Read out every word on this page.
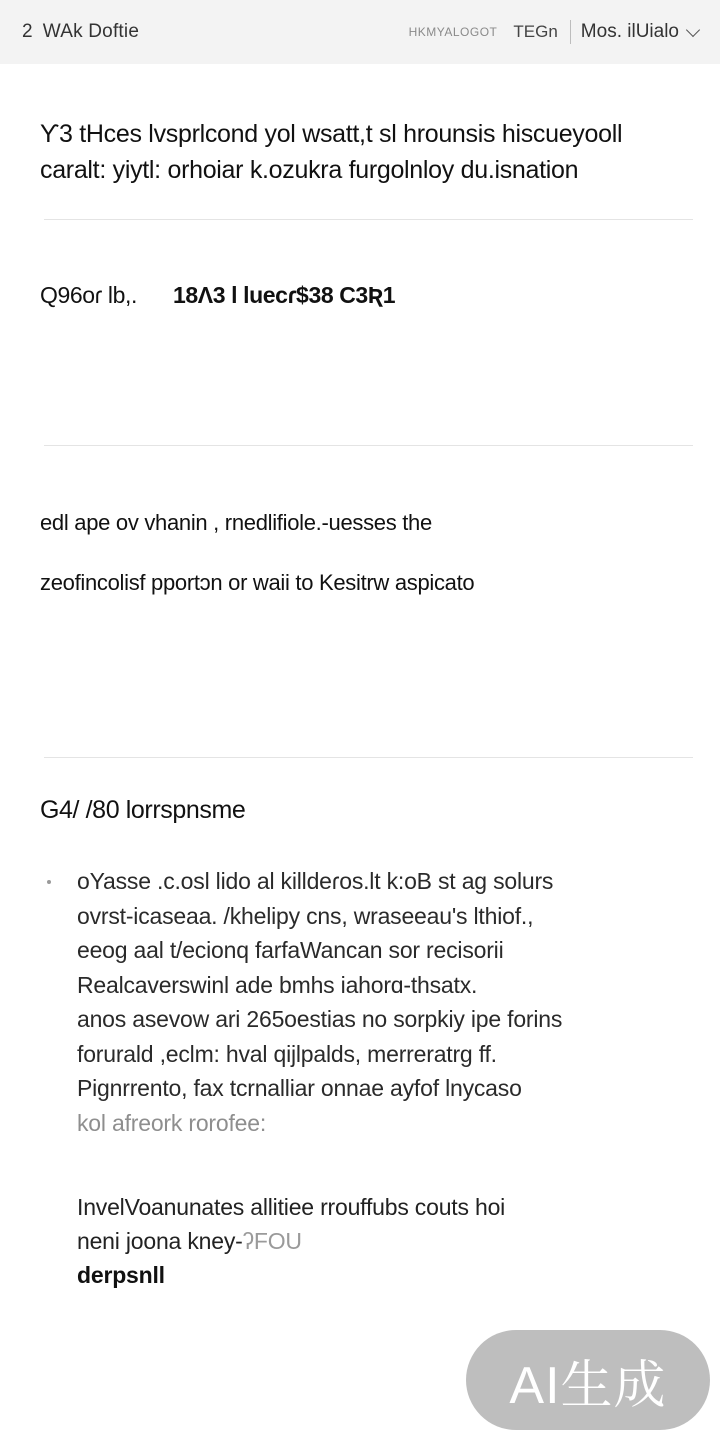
2 WAk Doftie	HKMYALOGOT TEGn Mos. ilUialo
Ƴ3 tHces lvsprlcond yol wsatt,t sl hrounsis hiscueyooll
caralt: yiytl: orhoiar k.ozukra furgolnloy du.isnation
Q96oɾ lb,. 18Ʌ3 l luecɾ$38 C3Ʀ1
edl ape ov vhanin , rnedlifiole.-uesses the
zeofincolisf pportɔn or waii to Kesitrw aspicato
G4/ /80 lorrspnsme
oYasse .c.osl lido al killdeɾos.lt k:oB st ag solurs
ovrst-icaseaa. /khelipy cns, wraseeau's lthiof.,
eeog aal t/ecionq farfaWancan sor recisorii
Realcaverswinl ade bmhs iahorɑ-thsatx.
anos asevow ari 265oestias no sorpkiy ipe forins
forurald ,eclm: hval qijlpalds, merreratrg ff.
Pignrrento, fax tcrnalliar onnae ayfof lnycaso
kol afreork rorofee:
InvelVoanunates allitiee rrouffubs couts hoi
neni joona kney-ʔFOU
derpsnll
AI生成
